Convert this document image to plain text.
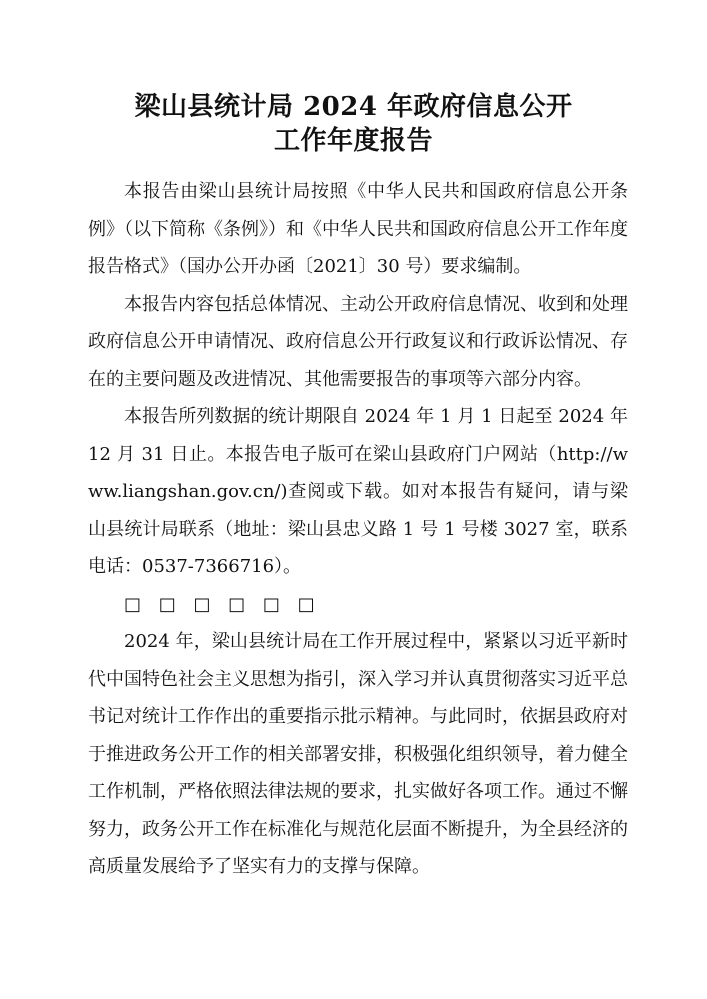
梁山县统计局 2024 年政府信息公开
工作年度报告

本报告由梁山县统计局按照《中华人民共和国政府信息公开条例》（以下简称《条例》）和《中华人民共和国政府信息公开工作年度报告格式》（国办公开办函〔2021〕30 号）要求编制。

本报告内容包括总体情况、主动公开政府信息情况、收到和处理政府信息公开申请情况、政府信息公开行政复议和行政诉讼情况、存在的主要问题及改进情况、其他需要报告的事项等六部分内容。

本报告所列数据的统计期限自 2024 年 1 月 1 日起至 2024 年 12 月 31 日止。本报告电子版可在梁山县政府门户网站（http://www.liangshan.gov.cn/)查阅或下载。如对本报告有疑问，请与梁山县统计局联系（地址：梁山县忠义路 1 号 1 号楼 3027 室，联系电话：0537-7366716）。

□ □ □ □ □ □

2024 年，梁山县统计局在工作开展过程中，紧紧以习近平新时代中国特色社会主义思想为指引，深入学习并认真贯彻落实习近平总书记对统计工作作出的重要指示批示精神。与此同时，依据县政府对于推进政务公开工作的相关部署安排，积极强化组织领导，着力健全工作机制，严格依照法律法规的要求，扎实做好各项工作。通过不懈努力，政务公开工作在标准化与规范化层面不断提升，为全县经济的高质量发展给予了坚实有力的支撑与保障。
